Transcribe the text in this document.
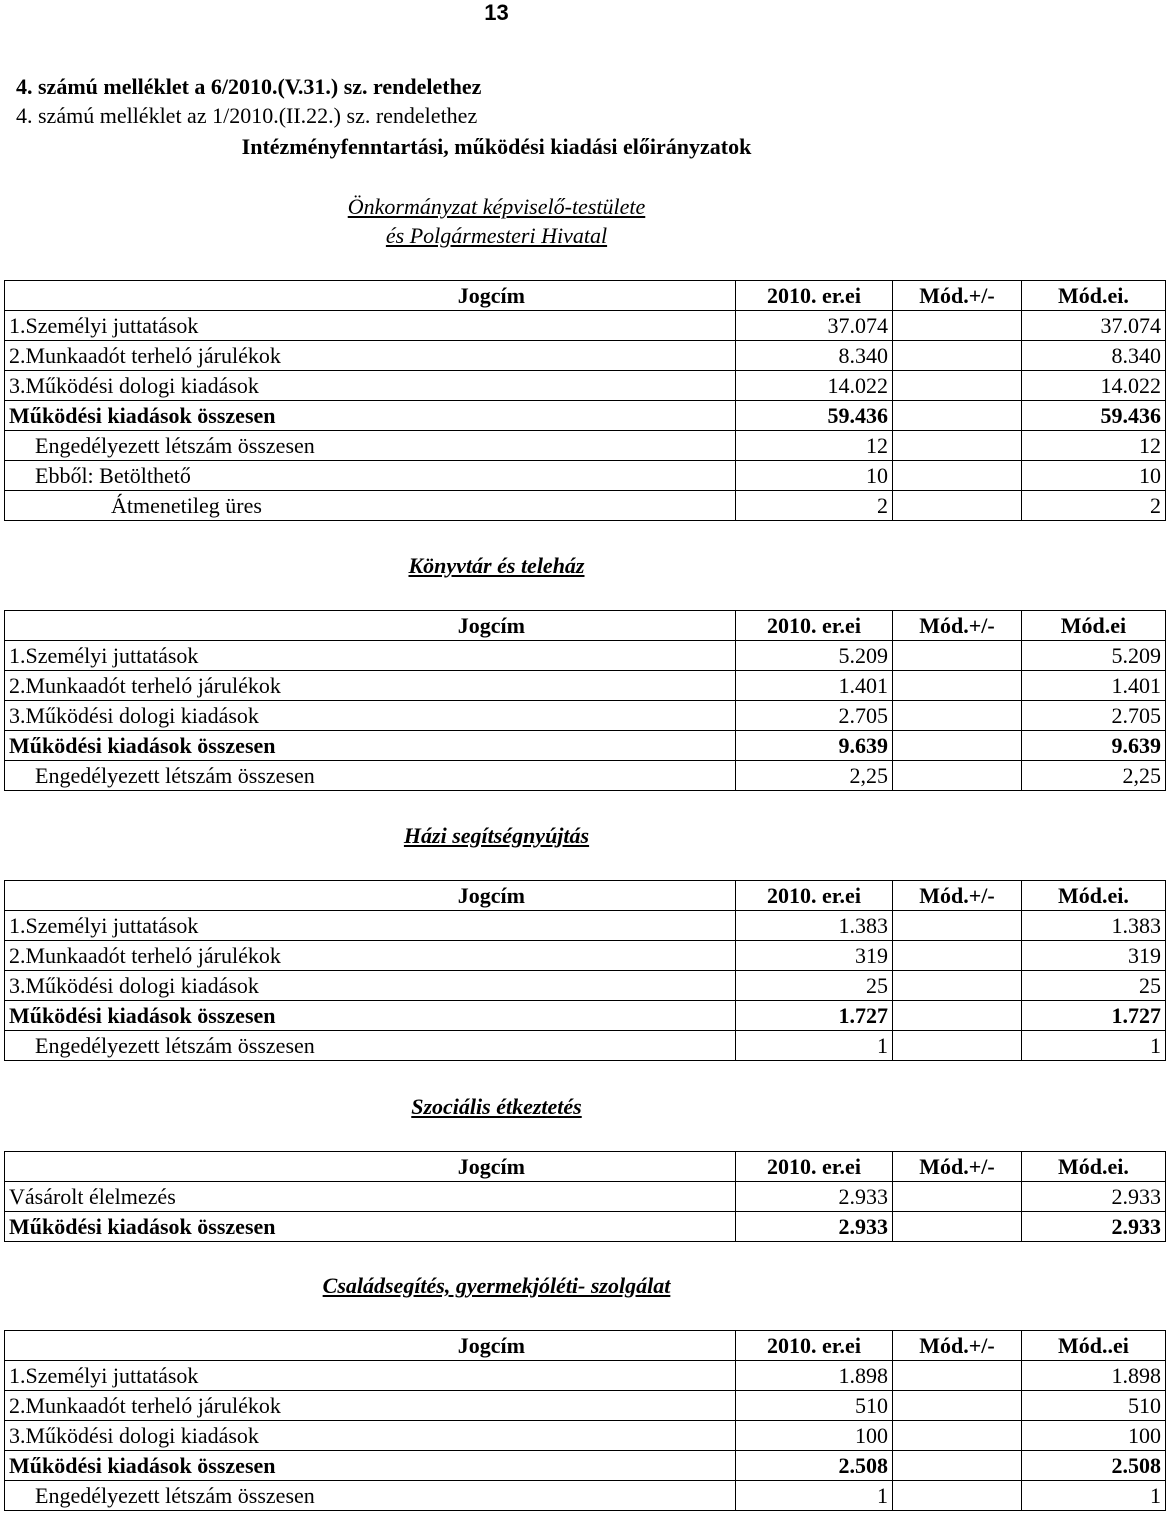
13
4. számú melléklet a 6/2010.(V.31.) sz. rendelethez
4. számú melléklet az 1/2010.(II.22.) sz. rendelethez
Intézményfenntartási, működési kiadási előirányzatok
Önkormányzat képviselő-testülete
és Polgármesteri Hivatal
Jogcím	2010. er.ei	Mód.+/-	Mód.ei.
1.Személyi juttatások	37.074		37.074
2.Munkaadót terheló járulékok	8.340		8.340
3.Működési dologi kiadások	14.022		14.022
Működési kiadások összesen	59.436		59.436
Engedélyezett létszám összesen	12		12
Ebből: Betölthető	10		10
Átmenetileg üres	2		2
Könyvtár és teleház
Jogcím	2010. er.ei	Mód.+/-	Mód.ei
1.Személyi juttatások	5.209		5.209
2.Munkaadót terheló járulékok	1.401		1.401
3.Működési dologi kiadások	2.705		2.705
Működési kiadások összesen	9.639		9.639
Engedélyezett létszám összesen	2,25		2,25
Házi segítségnyújtás
Jogcím	2010. er.ei	Mód.+/-	Mód.ei.
1.Személyi juttatások	1.383		1.383
2.Munkaadót terheló járulékok	319		319
3.Működési dologi kiadások	25		25
Működési kiadások összesen	1.727		1.727
Engedélyezett létszám összesen	1		1
Szociális étkeztetés
Jogcím	2010. er.ei	Mód.+/-	Mód.ei.
Vásárolt élelmezés	2.933		2.933
Működési kiadások összesen	2.933		2.933
Családsegítés, gyermekjóléti- szolgálat
Jogcím	2010. er.ei	Mód.+/-	Mód..ei
1.Személyi juttatások	1.898		1.898
2.Munkaadót terheló járulékok	510		510
3.Működési dologi kiadások	100		100
Működési kiadások összesen	2.508		2.508
Engedélyezett létszám összesen	1		1
